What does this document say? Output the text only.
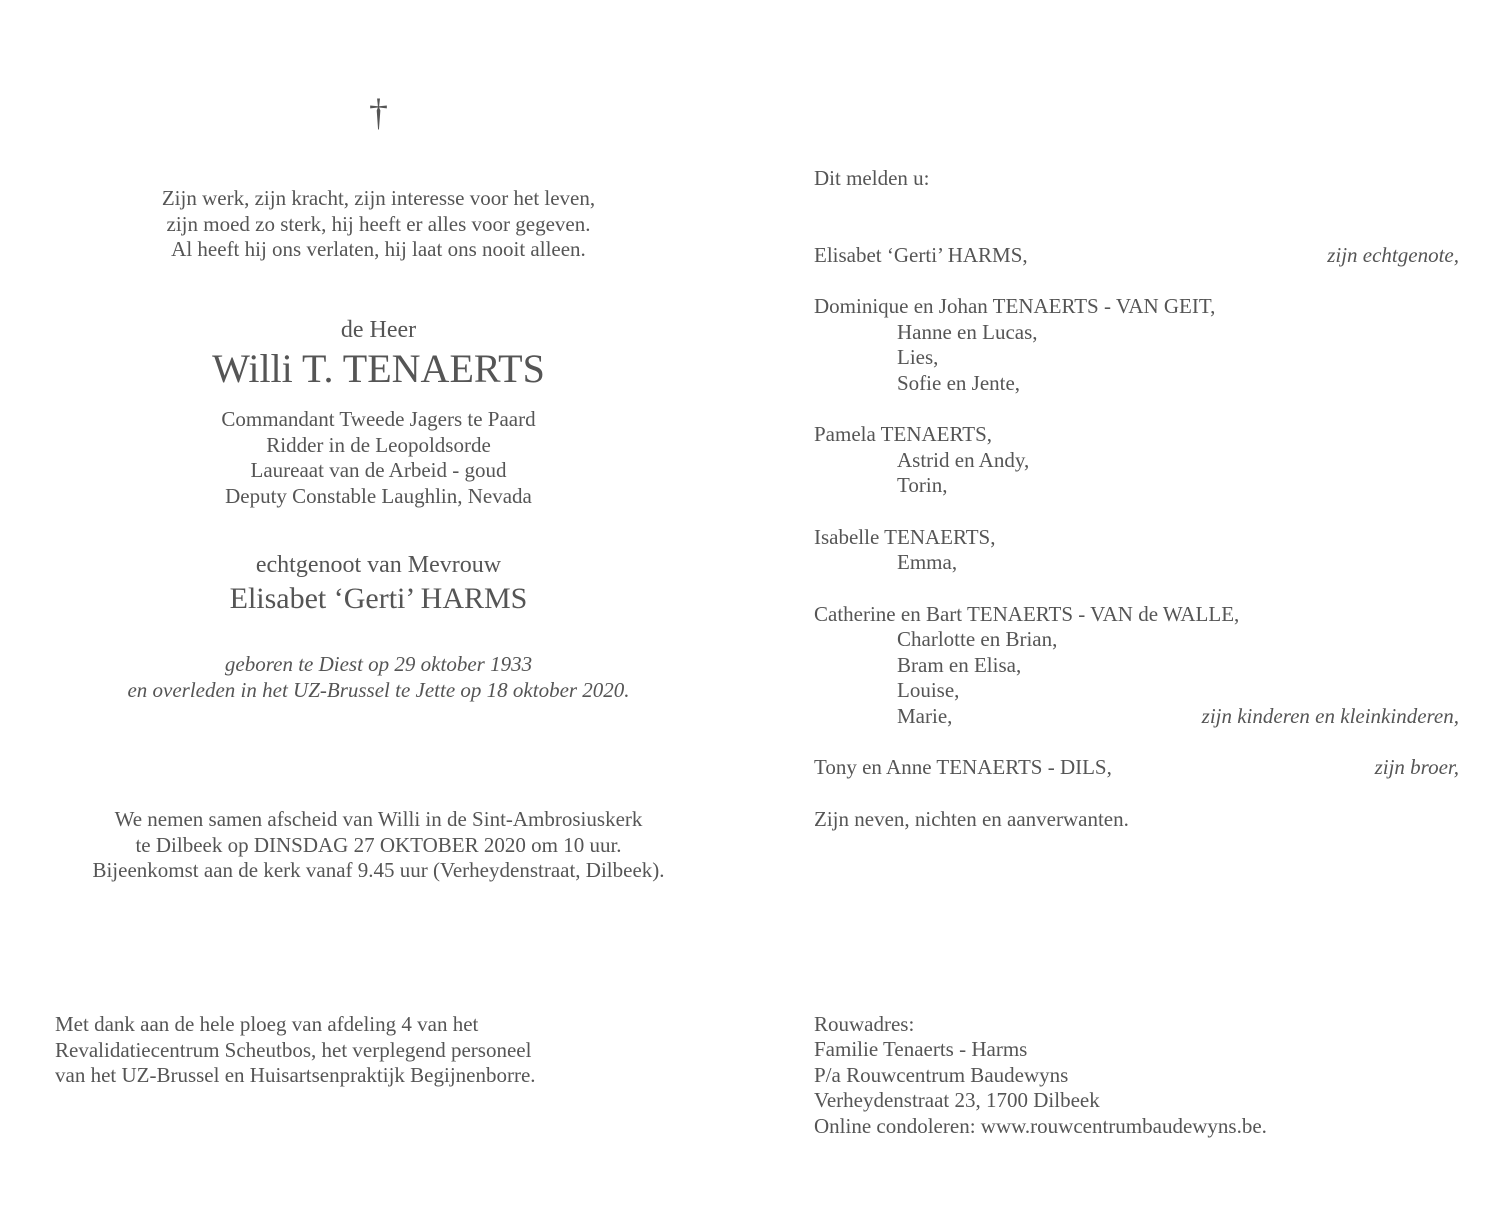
†
Zijn werk, zijn kracht, zijn interesse voor het leven,
zijn moed zo sterk, hij heeft er alles voor gegeven.
Al heeft hij ons verlaten, hij laat ons nooit alleen.
de Heer
Willi T. TENAERTS
Commandant Tweede Jagers te Paard
Ridder in de Leopoldsorde
Laureaat van de Arbeid - goud
Deputy Constable Laughlin, Nevada
echtgenoot van Mevrouw
Elisabet ‘Gerti’ HARMS
geboren te Diest op 29 oktober 1933
en overleden in het UZ-Brussel te Jette op 18 oktober 2020.
We nemen samen afscheid van Willi in de Sint-Ambrosiuskerk
te Dilbeek op DINSDAG 27 OKTOBER 2020 om 10 uur.
Bijeenkomst aan de kerk vanaf 9.45 uur (Verheydenstraat, Dilbeek).
Met dank aan de hele ploeg van afdeling 4 van het
Revalidatiecentrum Scheutbos, het verplegend personeel
van het UZ-Brussel en Huisartsenpraktijk Begijnenborre.
Dit melden u:
Elisabet ‘Gerti’ HARMS,	zijn echtgenote,
Dominique en Johan TENAERTS - VAN GEIT,
Hanne en Lucas,
Lies,
Sofie en Jente,
Pamela TENAERTS,
Astrid en Andy,
Torin,
Isabelle TENAERTS,
Emma,
Catherine en Bart TENAERTS - VAN de WALLE,
Charlotte en Brian,
Bram en Elisa,
Louise,
Marie,	zijn kinderen en kleinkinderen,
Tony en Anne TENAERTS - DILS,	zijn broer,
Zijn neven, nichten en aanverwanten.
Rouwadres:
Familie Tenaerts - Harms
P/a Rouwcentrum Baudewyns
Verheydenstraat 23, 1700 Dilbeek
Online condoleren: www.rouwcentrumbaudewyns.be.
